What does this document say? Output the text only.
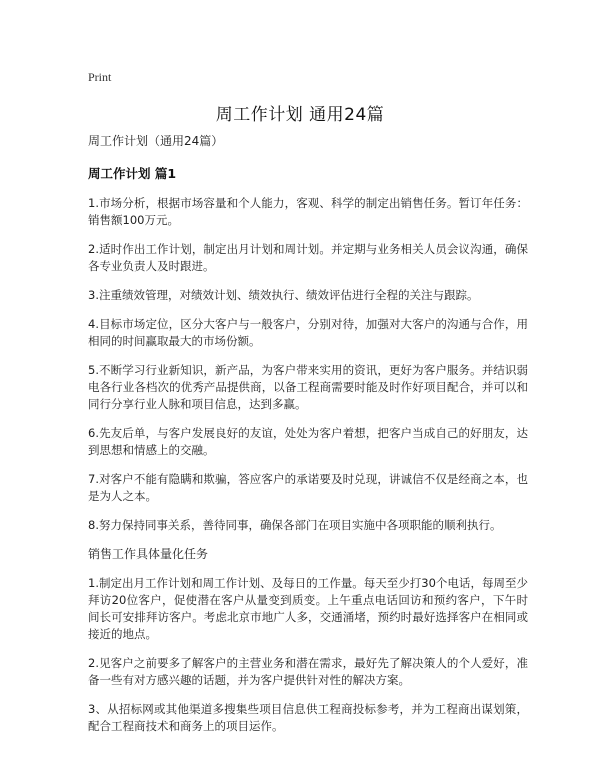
Print
周工作计划 通用24篇

周工作计划（通用24篇）

周工作计划 篇1

1.市场分析，根据市场容量和个人能力，客观、科学的制定出销售任务。暂订年任务：销售额100万元。

2.适时作出工作计划，制定出月计划和周计划。并定期与业务相关人员会议沟通，确保各专业负责人及时跟进。

3.注重绩效管理，对绩效计划、绩效执行、绩效评估进行全程的关注与跟踪。

4.目标市场定位，区分大客户与一般客户，分别对待，加强对大客户的沟通与合作，用相同的时间赢取最大的市场份额。

5.不断学习行业新知识，新产品，为客户带来实用的资讯，更好为客户服务。并结识弱电各行业各档次的优秀产品提供商，以备工程商需要时能及时作好项目配合，并可以和同行分享行业人脉和项目信息，达到多赢。

6.先友后单，与客户发展良好的友谊，处处为客户着想，把客户当成自己的好朋友，达到思想和情感上的交融。

7.对客户不能有隐瞒和欺骗，答应客户的承诺要及时兑现，讲诚信不仅是经商之本，也是为人之本。

8.努力保持同事关系，善待同事，确保各部门在项目实施中各项职能的顺利执行。

销售工作具体量化任务

1.制定出月工作计划和周工作计划、及每日的工作量。每天至少打30个电话，每周至少拜访20位客户，促使潜在客户从量变到质变。上午重点电话回访和预约客户，下午时间长可安排拜访客户。考虑北京市地广人多，交通涌堵，预约时最好选择客户在相同或接近的地点。

2.见客户之前要多了解客户的主营业务和潜在需求，最好先了解决策人的个人爱好，准备一些有对方感兴趣的话题，并为客户提供针对性的解决方案。

3、从招标网或其他渠道多搜集些项目信息供工程商投标参考，并为工程商出谋划策，配合工程商技术和商务上的项目运作。
